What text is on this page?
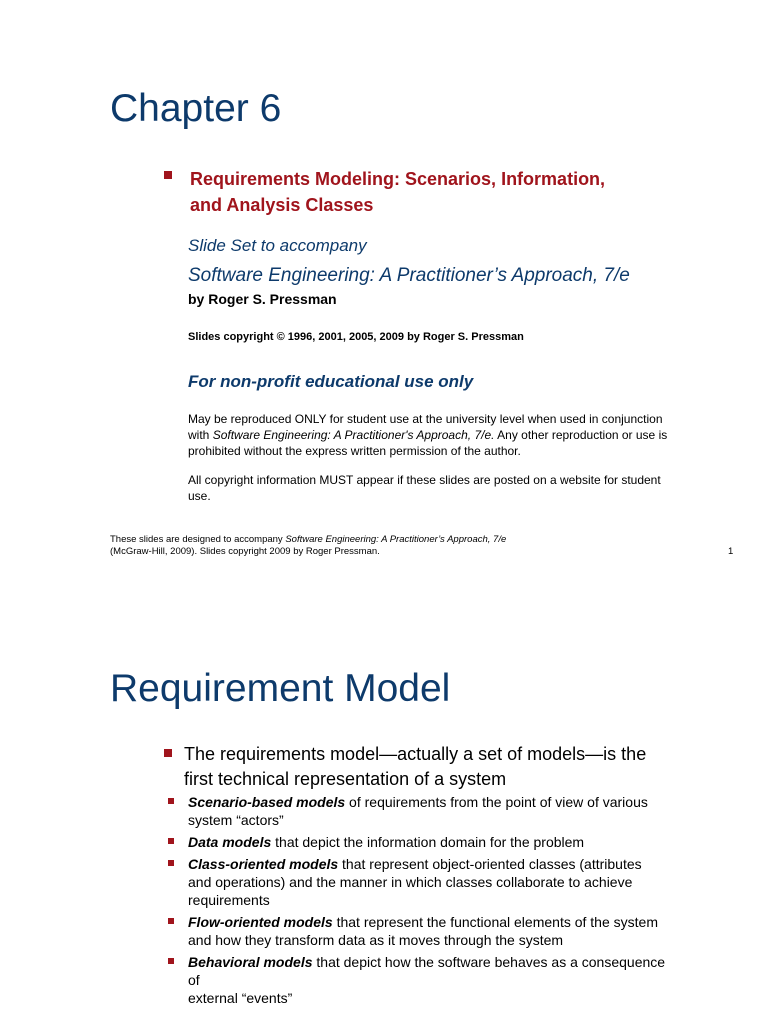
Chapter 6
Requirements Modeling: Scenarios, Information,
and Analysis Classes
Slide Set to accompany
Software Engineering: A Practitioner’s Approach, 7/e
by Roger S. Pressman
Slides copyright © 1996, 2001, 2005, 2009 by Roger S. Pressman
For non-profit educational use only
May be reproduced ONLY for student use at the university level when used in conjunction
with Software Engineering: A Practitioner's Approach, 7/e. Any other reproduction or use is
prohibited without the express written permission of the author.
All copyright information MUST appear if these slides are posted on a website for student
use.
These slides are designed to accompany Software Engineering: A Practitioner’s Approach, 7/e
(McGraw-Hill, 2009). Slides copyright 2009 by Roger Pressman.	1
Requirement Model
The requirements model—actually a set of models—is the
first technical representation of a system
Scenario-based models of requirements from the point of view of various
system “actors”
Data models that depict the information domain for the problem
Class-oriented models that represent object-oriented classes (attributes
and operations) and the manner in which classes collaborate to achieve
requirements
Flow-oriented models that represent the functional elements of the system
and how they transform data as it moves through the system
Behavioral models that depict how the software behaves as a consequence
of
external “events”
